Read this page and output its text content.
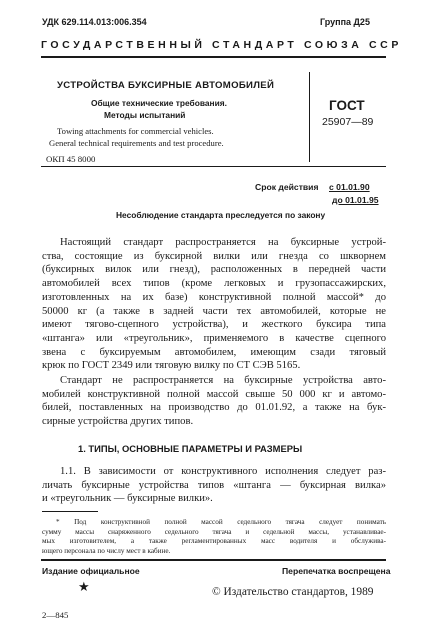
УДК 629.114.013:006.354	Группа Д25
ГОСУДАРСТВЕННЫЙ СТАНДАРТ СОЮЗА ССР
УСТРОЙСТВА БУКСИРНЫЕ АВТОМОБИЛЕЙ
Общие технические требования.
Методы испытаний
Towing attachments for commercial vehicles.
General technical requirements and test procedure.
ГОСТ
25907—89
ОКП 45 8000
Срок действия с 01.01.90
до 01.01.95
Несоблюдение стандарта преследуется по закону
Настоящий стандарт распространяется на буксирные устрой-
ства, состоящие из буксирной вилки или гнезда со шкворнем
(буксирных вилок или гнезд), расположенных в передней части
автомобилей всех типов (кроме легковых и грузопассажирских,
изготовленных на их базе) конструктивной полной массой* до
50000 кг (а также в задней части тех автомобилей, которые не
имеют тягово-сцепного устройства), и жесткого буксира типа
«штанга» или «треугольник», применяемого в качестве сцепного
звена с буксируемым автомобилем, имеющим сзади тяговый
крюк по ГОСТ 2349 или тяговую вилку по СТ СЭВ 5165.
Стандарт не распространяется на буксирные устройства авто-
мобилей конструктивной полной массой свыше 50 000 кг и автомо-
билей, поставленных на производство до 01.01.92, а также на бук-
сирные устройства других типов.
1. ТИПЫ, ОСНОВНЫЕ ПАРАМЕТРЫ И РАЗМЕРЫ
1.1. В зависимости от конструктивного исполнения следует раз-
личать буксирные устройства типов «штанга — буксирная вилка»
и «треугольник — буксирные вилки».
* Под конструктивной полной массой седельного тягача следует понимать
сумму массы снаряженного седельного тягача и седельной массы, устанавливае-
мых изготовителем, а также регламентированных масс водителя и обслужива-
ющего персонала по числу мест в кабине.
Издание официальное	Перепечатка воспрещена
★	© Издательство стандартов, 1989
2—845
